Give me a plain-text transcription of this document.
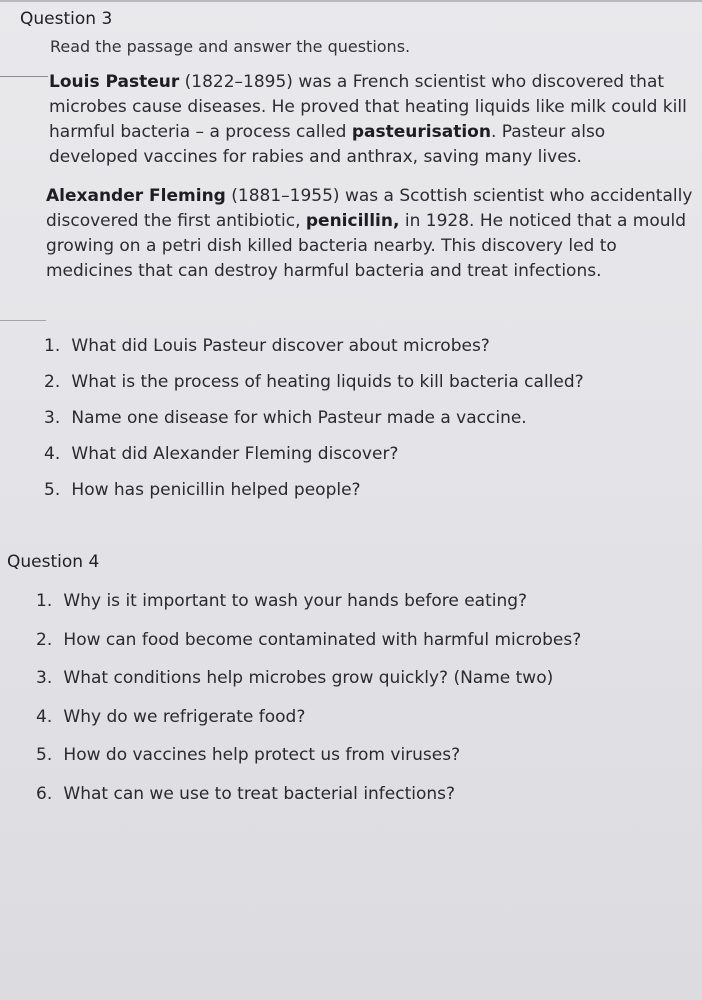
Question 3
Read the passage and answer the questions.

Louis Pasteur (1822–1895) was a French scientist who discovered that microbes cause diseases. He proved that heating liquids like milk could kill harmful bacteria – a process called pasteurisation. Pasteur also developed vaccines for rabies and anthrax, saving many lives.

Alexander Fleming (1881–1955) was a Scottish scientist who accidentally discovered the first antibiotic, penicillin, in 1928. He noticed that a mould growing on a petri dish killed bacteria nearby. This discovery led to medicines that can destroy harmful bacteria and treat infections.

1. What did Louis Pasteur discover about microbes?
2. What is the process of heating liquids to kill bacteria called?
3. Name one disease for which Pasteur made a vaccine.
4. What did Alexander Fleming discover?
5. How has penicillin helped people?
Question 4
1. Why is it important to wash your hands before eating?
2. How can food become contaminated with harmful microbes?
3. What conditions help microbes grow quickly? (Name two)
4. Why do we refrigerate food?
5. How do vaccines help protect us from viruses?
6. What can we use to treat bacterial infections?
